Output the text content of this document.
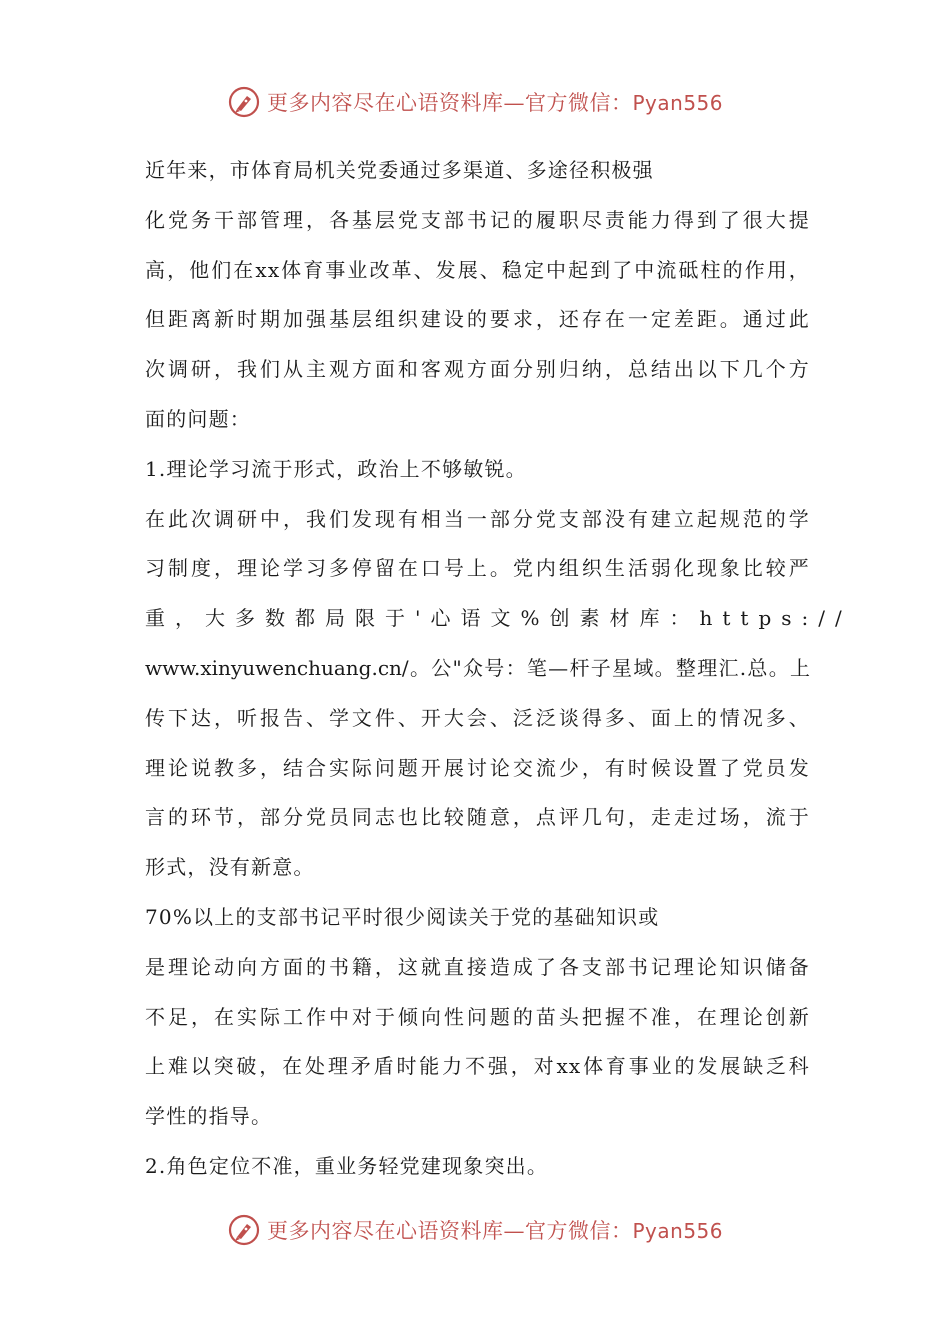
更多内容尽在心语资料库—官方微信：Pyan556
近年来，市体育局机关党委通过多渠道、多途径积极强
化党务干部管理，各基层党支部书记的履职尽责能力得到了很大提
高，他们在xx体育事业改革、发展、稳定中起到了中流砥柱的作用，
但距离新时期加强基层组织建设的要求，还存在一定差距。通过此
次调研，我们从主观方面和客观方面分别归纳，总结出以下几个方
面的问题：
1.理论学习流于形式，政治上不够敏锐。
在此次调研中，我们发现有相当一部分党支部没有建立起规范的学
习制度，理论学习多停留在口号上。党内组织生活弱化现象比较严
重，大多数都局限于'心语文%创素材库：https://
www.xinyuwenchuang.cn/。公"众号：笔—杆子星域。整理汇.总。上
传下达，听报告、学文件、开大会、泛泛谈得多、面上的情况多、
理论说教多，结合实际问题开展讨论交流少，有时候设置了党员发
言的环节，部分党员同志也比较随意，点评几句，走走过场，流于
形式，没有新意。
70%以上的支部书记平时很少阅读关于党的基础知识或
是理论动向方面的书籍，这就直接造成了各支部书记理论知识储备
不足，在实际工作中对于倾向性问题的苗头把握不准，在理论创新
上难以突破，在处理矛盾时能力不强，对xx体育事业的发展缺乏科
学性的指导。
2.角色定位不准，重业务轻党建现象突出。
更多内容尽在心语资料库—官方微信：Pyan556
